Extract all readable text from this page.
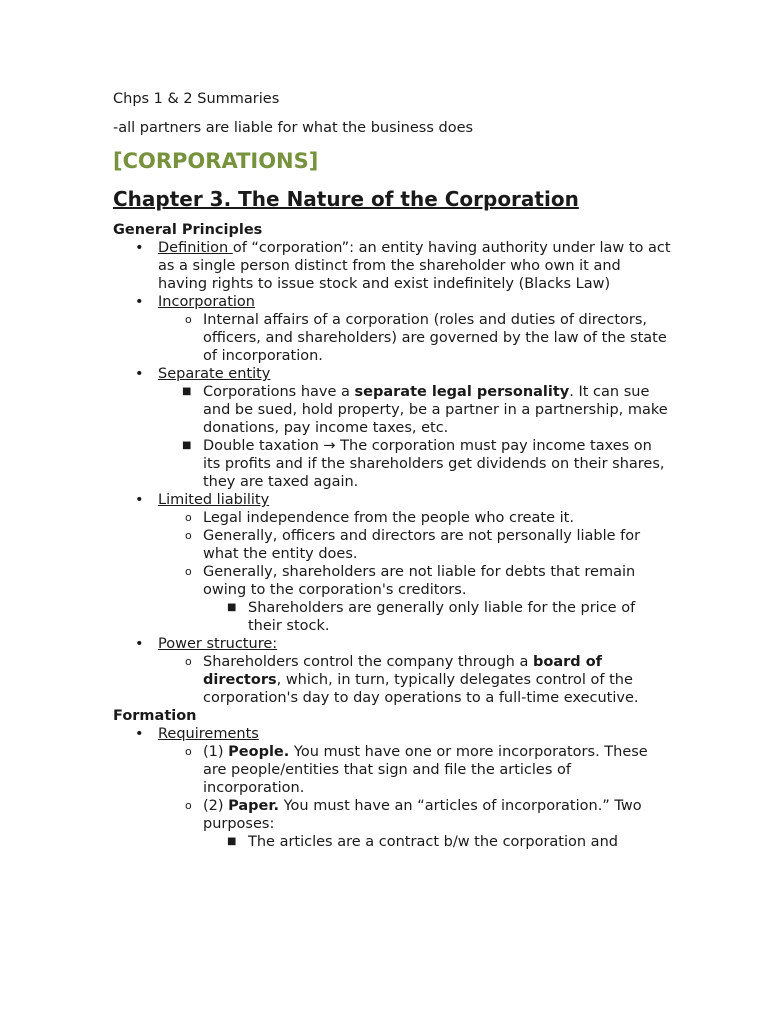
Chps 1 & 2 Summaries

-all partners are liable for what the business does

[CORPORATIONS]
Chapter 3. The Nature of the Corporation
General Principles
• Definition of “corporation”: an entity having authority under law to act as a single person distinct from the shareholder who own it and having rights to issue stock and exist indefinitely (Blacks Law)
• Incorporation
o Internal affairs of a corporation (roles and duties of directors, officers, and shareholders) are governed by the law of the state of incorporation.
• Separate entity
■ Corporations have a separate legal personality. It can sue and be sued, hold property, be a partner in a partnership, make donations, pay income taxes, etc.
■ Double taxation → The corporation must pay income taxes on its profits and if the shareholders get dividends on their shares, they are taxed again.
• Limited liability
o Legal independence from the people who create it.
o Generally, officers and directors are not personally liable for what the entity does.
o Generally, shareholders are not liable for debts that remain owing to the corporation's creditors.
■ Shareholders are generally only liable for the price of their stock.
• Power structure:
o Shareholders control the company through a board of directors, which, in turn, typically delegates control of the corporation's day to day operations to a full-time executive.
Formation
• Requirements
o (1) People. You must have one or more incorporators. These are people/entities that sign and file the articles of incorporation.
o (2) Paper. You must have an “articles of incorporation.” Two purposes:
■ The articles are a contract b/w the corporation and
